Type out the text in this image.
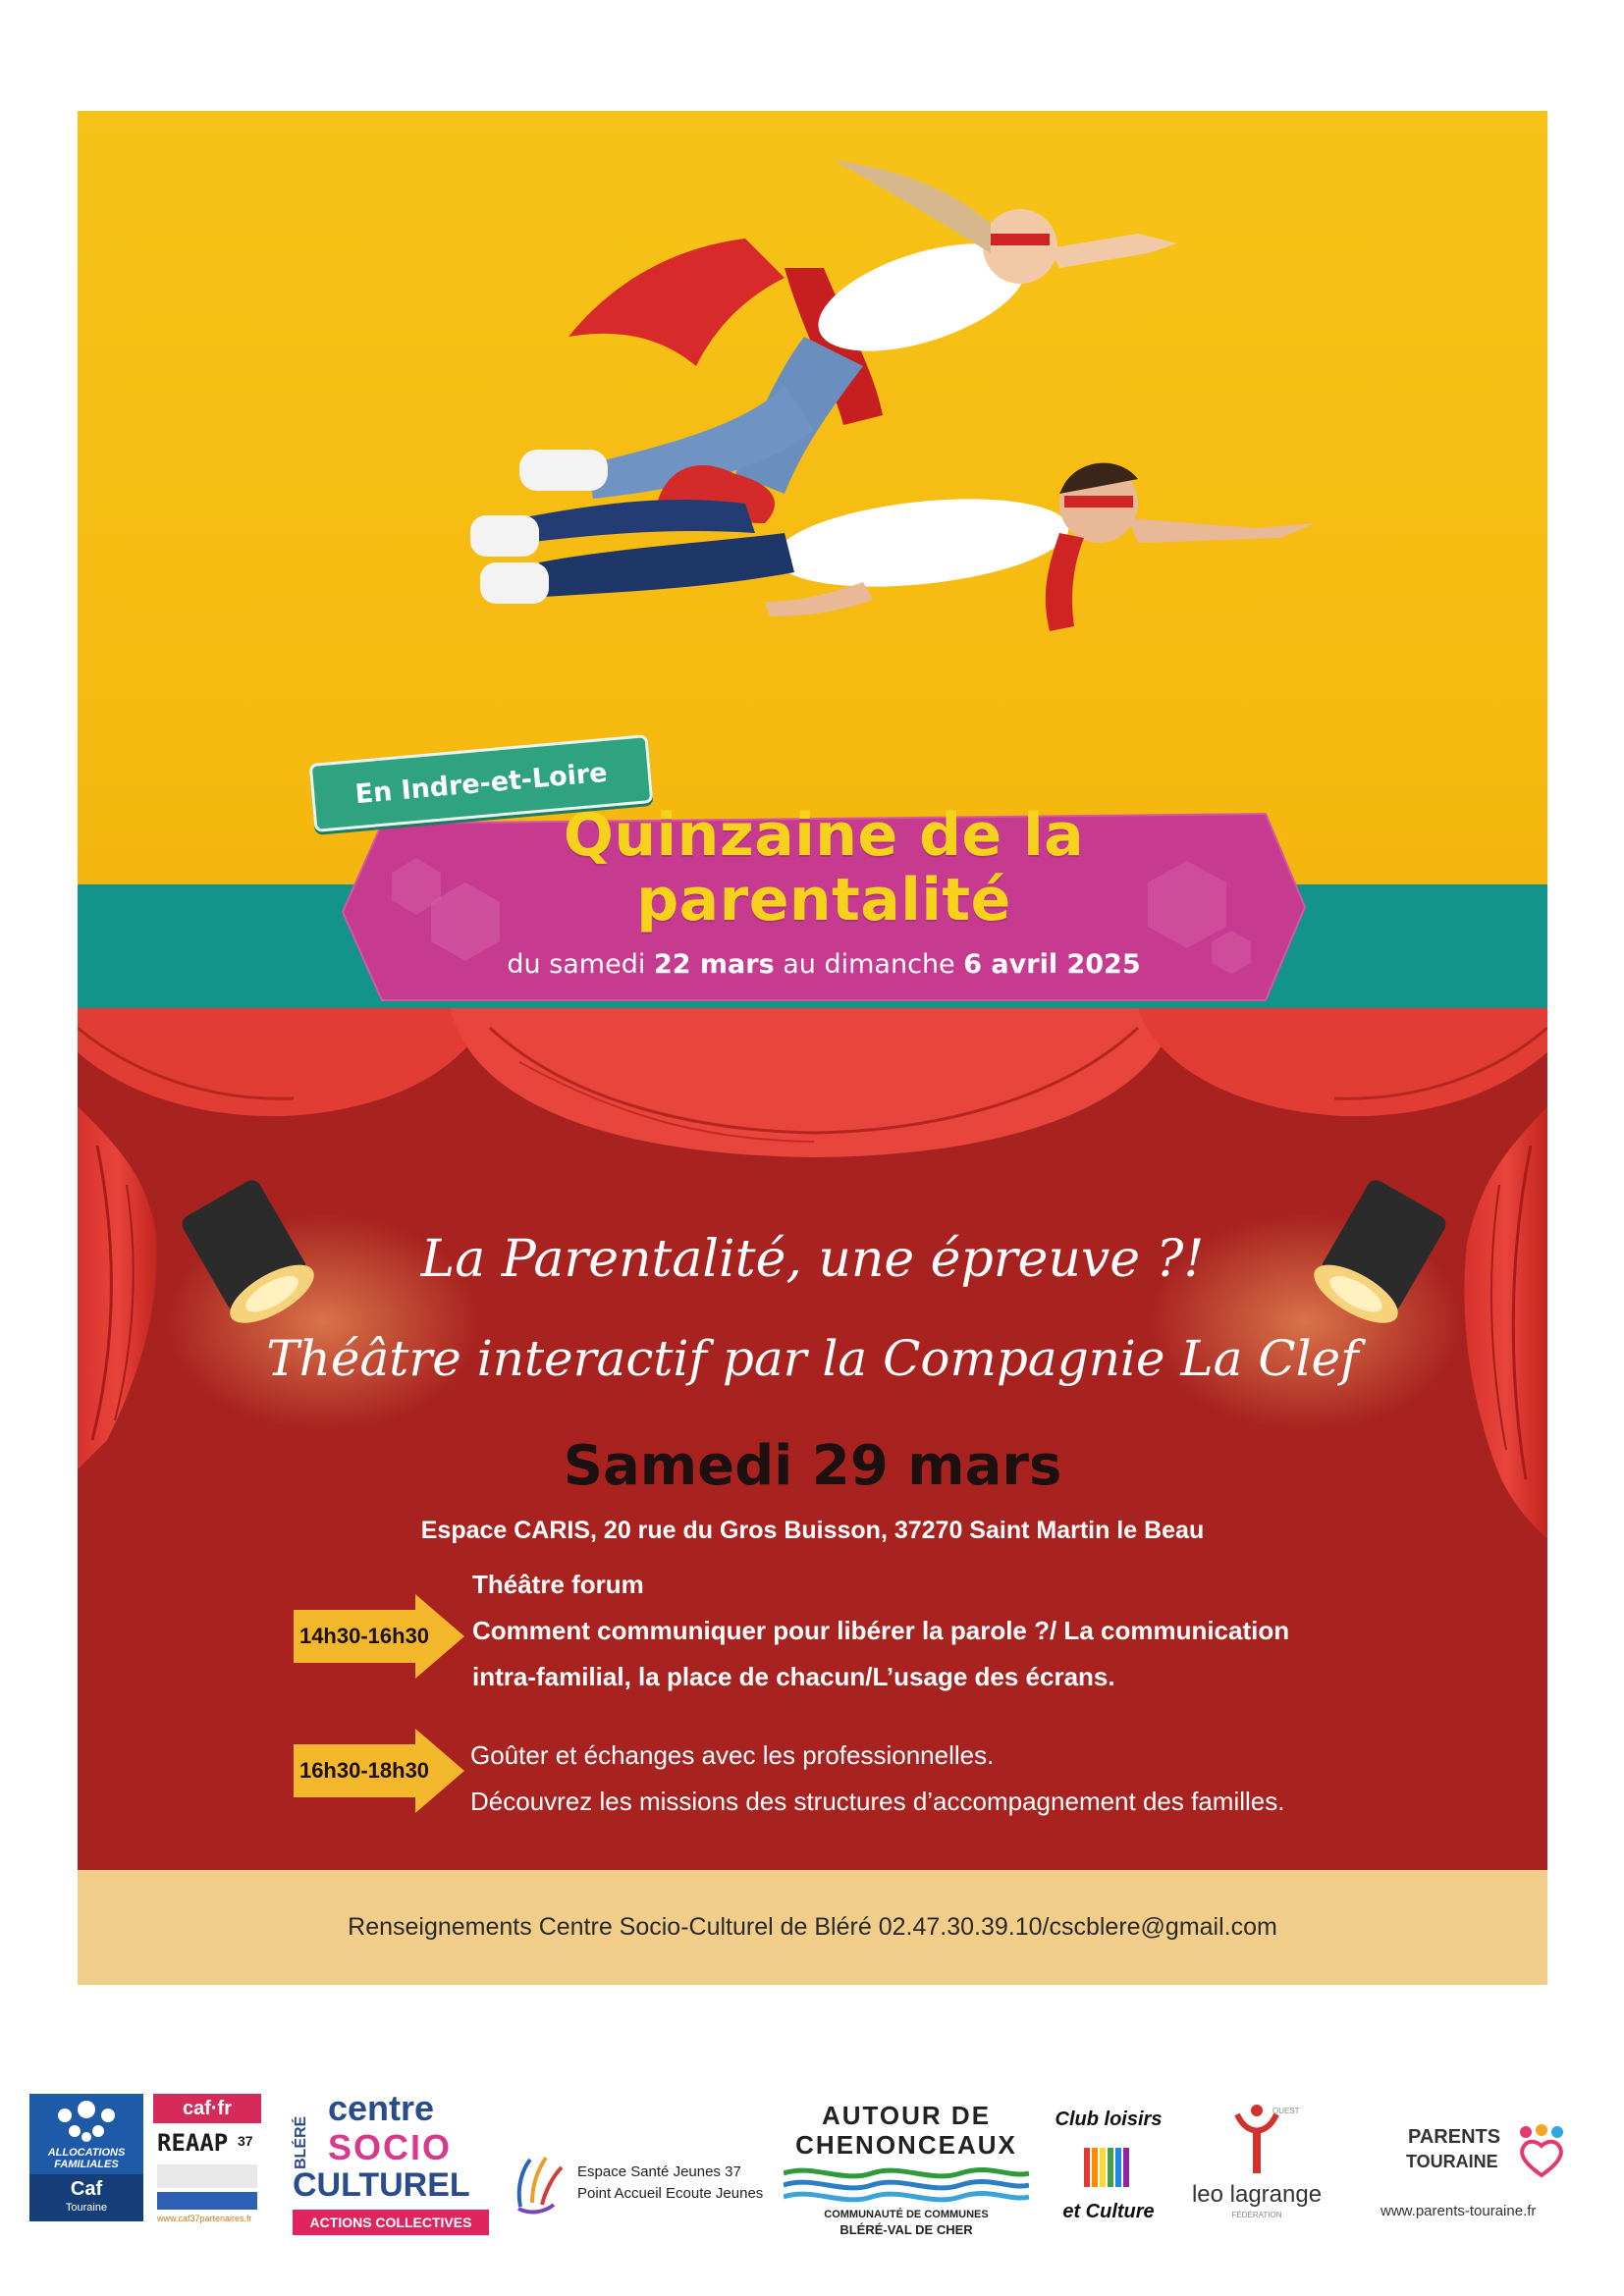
En Indre-et-Loire
Quinzaine de la
parentalité
du samedi 22 mars au dimanche 6 avril 2025
La Parentalité, une épreuve ?!
Théâtre interactif par la Compagnie La Clef
Samedi 29 mars
Espace CARIS, 20 rue du Gros Buisson, 37270 Saint Martin le Beau
14h30-16h30
Théâtre forum
Comment communiquer pour libérer la parole ?/ La communication
intra-familial, la place de chacun/L’usage des écrans.
16h30-18h30
Goûter et échanges avec les professionnelles.
Découvrez les missions des structures d’accompagnement des familles.
Renseignements Centre Socio-Culturel de Bléré 02.47.30.39.10/cscblere@gmail.com
ALLOCATIONS
FAMILIALES
Caf
Touraine
caf·fr
REAAP 37
www.caf37partenaires.fr
BLÉRÉ
centre
SOCIO
CULTUREL
ACTIONS COLLECTIVES
Espace Santé Jeunes 37
Point Accueil Ecoute Jeunes
AUTOUR DE
CHENONCEAUX
COMMUNAUTÉ DE COMMUNES
BLÉRÉ-VAL DE CHER
Club loisirs
et Culture
OUEST
leo lagrange
FÉDÉRATION
PARENTS
TOURAINE
www.parents-touraine.fr
